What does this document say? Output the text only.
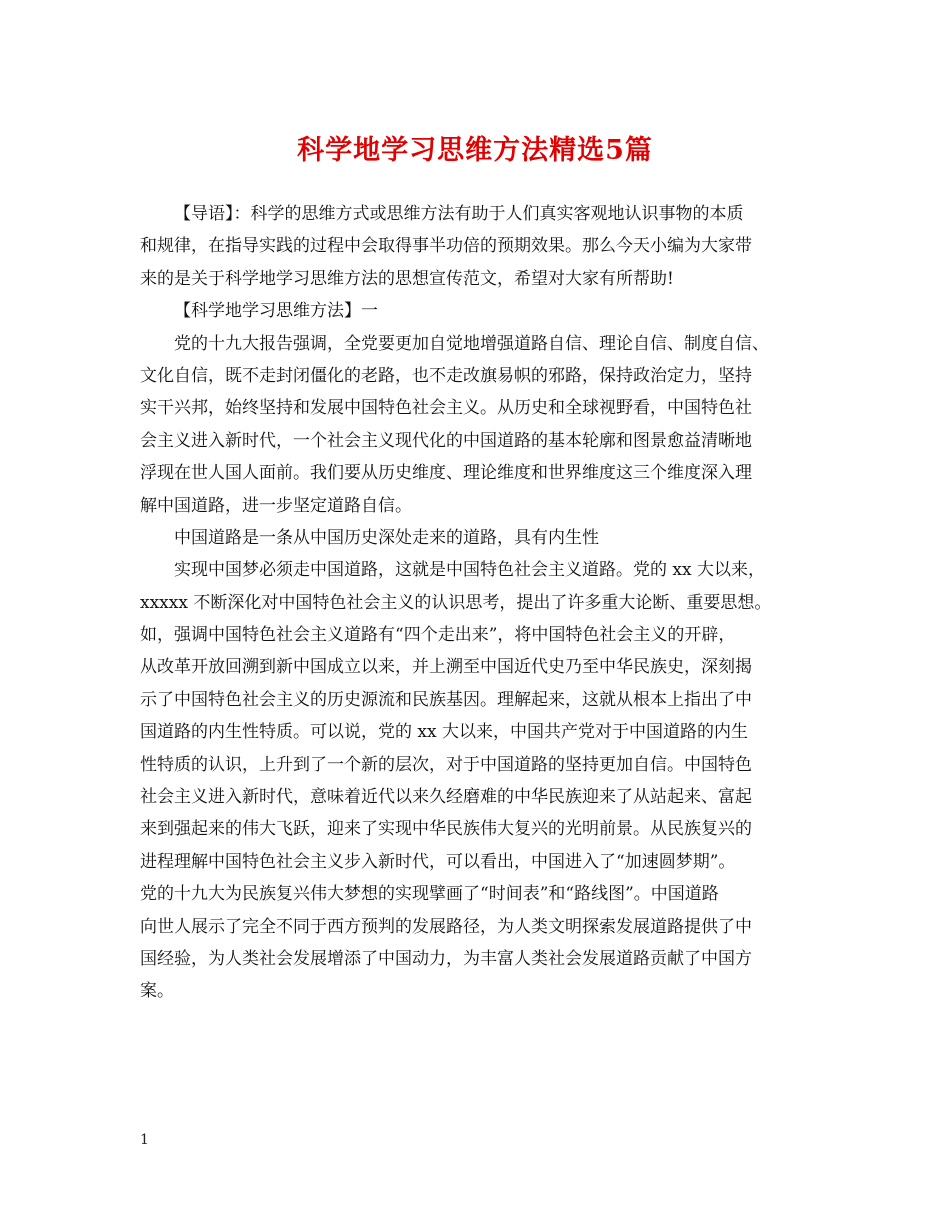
科学地学习思维方法精选5篇
【导语】：科学的思维方式或思维方法有助于人们真实客观地认识事物的本质
和规律，在指导实践的过程中会取得事半功倍的预期效果。那么今天小编为大家带
来的是关于科学地学习思维方法的思想宣传范文，希望对大家有所帮助!
【科学地学习思维方法】一
党的十九大报告强调，全党要更加自觉地增强道路自信、理论自信、制度自信、
文化自信，既不走封闭僵化的老路，也不走改旗易帜的邪路，保持政治定力，坚持
实干兴邦，始终坚持和发展中国特色社会主义。从历史和全球视野看，中国特色社
会主义进入新时代，一个社会主义现代化的中国道路的基本轮廓和图景愈益清晰地
浮现在世人国人面前。我们要从历史维度、理论维度和世界维度这三个维度深入理
解中国道路，进一步坚定道路自信。
中国道路是一条从中国历史深处走来的道路，具有内生性
实现中国梦必须走中国道路，这就是中国特色社会主义道路。党的 xx 大以来，
xxxxx 不断深化对中国特色社会主义的认识思考，提出了许多重大论断、重要思想。
如，强调中国特色社会主义道路有“四个走出来”，将中国特色社会主义的开辟，
从改革开放回溯到新中国成立以来，并上溯至中国近代史乃至中华民族史，深刻揭
示了中国特色社会主义的历史源流和民族基因。理解起来，这就从根本上指出了中
国道路的内生性特质。可以说，党的 xx 大以来，中国共产党对于中国道路的内生
性特质的认识，上升到了一个新的层次，对于中国道路的坚持更加自信。中国特色
社会主义进入新时代，意味着近代以来久经磨难的中华民族迎来了从站起来、富起
来到强起来的伟大飞跃，迎来了实现中华民族伟大复兴的光明前景。从民族复兴的
进程理解中国特色社会主义步入新时代，可以看出，中国进入了“加速圆梦期”。
党的十九大为民族复兴伟大梦想的实现擘画了“时间表”和“路线图”。中国道路
向世人展示了完全不同于西方预判的发展路径，为人类文明探索发展道路提供了中
国经验，为人类社会发展增添了中国动力，为丰富人类社会发展道路贡献了中国方
案。
1
